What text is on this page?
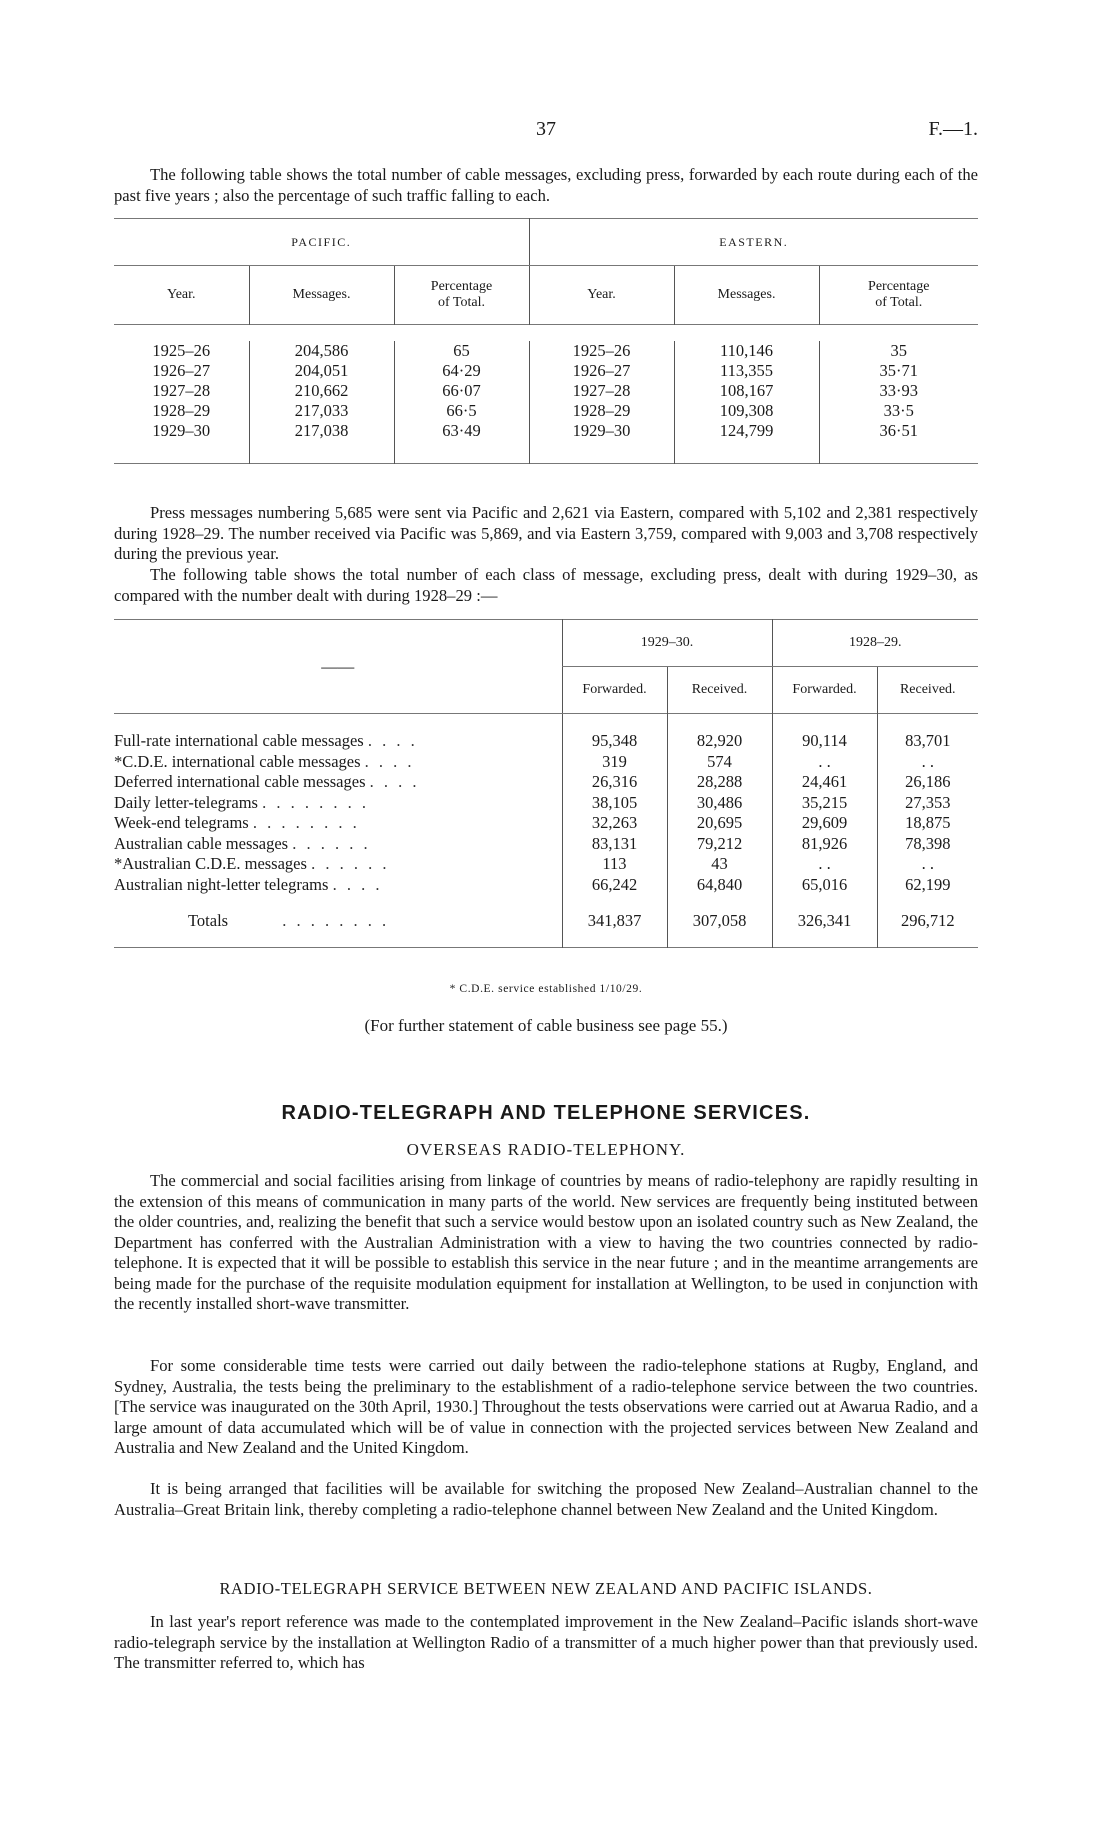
37	F.—1.

The following table shows the total number of cable messages, excluding press, forwarded by each route during each of the past five years ; also the percentage of such traffic falling to each.

PACIFIC.			EASTERN.		
Year.	Messages.	Percentage
of Total.	Year.	Messages.	Percentage
of Total.

1925–26	204,586	65	1925–26	110,146	35
1926–27	204,051	64·29	1926–27	113,355	35·71
1927–28	210,662	66·07	1927–28	108,167	33·93
1928–29	217,033	66·5	1928–29	109,308	33·5
1929–30	217,038	63·49	1929–30	124,799	36·51

Press messages numbering 5,685 were sent via Pacific and 2,621 via Eastern, compared with 5,102 and 2,381 respectively during 1928–29. The number received via Pacific was 5,869, and via Eastern 3,759, compared with 9,003 and 3,708 respectively during the previous year.

The following table shows the total number of each class of message, excluding press, dealt with during 1929–30, as compared with the number dealt with during 1928–29 :—

——	1929–30.		1928–29.	
	Forwarded.	Received.	Forwarded.	Received.

Full-rate international cable messages . . . .	95,348	82,920	90,114	83,701
*C.D.E. international cable messages . . . .	319	574	. .	. .
Deferred international cable messages . . . .	26,316	28,288	24,461	26,186
Daily letter-telegrams . . . . . . . .	38,105	30,486	35,215	27,353
Week-end telegrams . . . . . . . .	32,263	20,695	29,609	18,875
Australian cable messages . . . . . .	83,131	79,212	81,926	78,398
*Australian C.D.E. messages . . . . . .	113	43	. .	. .
Australian night-letter telegrams . . . .	66,242	64,840	65,016	62,199
Totals . . . . . . . .	341,837	307,058	326,341	296,712
* C.D.E. service established 1/10/29.
(For further statement of cable business see page 55.)
RADIO-TELEGRAPH AND TELEPHONE SERVICES.
OVERSEAS RADIO-TELEPHONY.

The commercial and social facilities arising from linkage of countries by means of radio-telephony are rapidly resulting in the extension of this means of communication in many parts of the world. New services are frequently being instituted between the older countries, and, realizing the benefit that such a service would bestow upon an isolated country such as New Zealand, the Department has conferred with the Australian Administration with a view to having the two countries connected by radio-telephone. It is expected that it will be possible to establish this service in the near future ; and in the meantime arrangements are being made for the purchase of the requisite modulation equipment for installation at Wellington, to be used in conjunction with the recently installed short-wave transmitter.

For some considerable time tests were carried out daily between the radio-telephone stations at Rugby, England, and Sydney, Australia, the tests being the preliminary to the establishment of a radio-telephone service between the two countries. [The service was inaugurated on the 30th April, 1930.] Throughout the tests observations were carried out at Awarua Radio, and a large amount of data accumulated which will be of value in connection with the projected services between New Zealand and Australia and New Zealand and the United Kingdom.

It is being arranged that facilities will be available for switching the proposed New Zealand–Australian channel to the Australia–Great Britain link, thereby completing a radio-telephone channel between New Zealand and the United Kingdom.

RADIO-TELEGRAPH SERVICE BETWEEN NEW ZEALAND AND PACIFIC ISLANDS.

In last year's report reference was made to the contemplated improvement in the New Zealand–Pacific islands short-wave radio-telegraph service by the installation at Wellington Radio of a transmitter of a much higher power than that previously used. The transmitter referred to, which has
